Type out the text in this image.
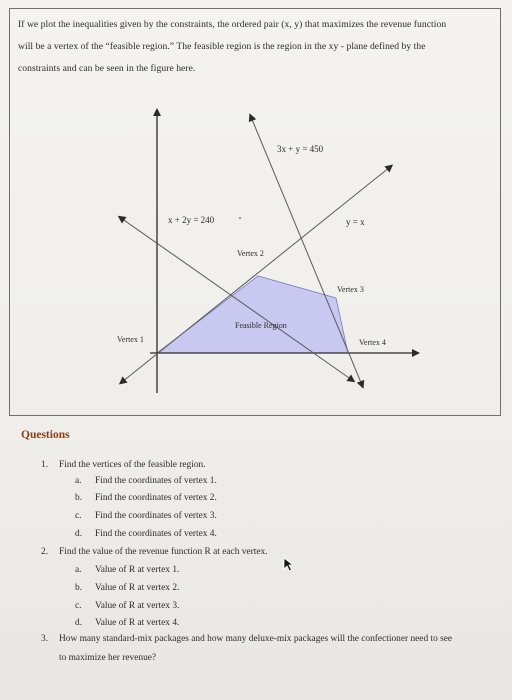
If we plot the inequalities given by the constraints, the ordered pair (x, y) that maximizes the revenue function
will be a vertex of the “feasible region.” The feasible region is the region in the xy - plane defined by the
constraints and can be seen in the figure here.
3x + y = 450
x + 2y = 240	y = x
Vertex 1
Vertex 2
Vertex 3
Vertex 4
Feasible Region
Questions
1. Find the vertices of the feasible region.
a. Find the coordinates of vertex 1.
b. Find the coordinates of vertex 2.
c. Find the coordinates of vertex 3.
d. Find the coordinates of vertex 4.
2. Find the value of the revenue function R at each vertex.
a. Value of R at vertex 1.
b. Value of R at vertex 2.
c. Value of R at vertex 3.
d. Value of R at vertex 4.
3. How many standard-mix packages and how many deluxe-mix packages will the confectioner need to see
to maximize her revenue?
